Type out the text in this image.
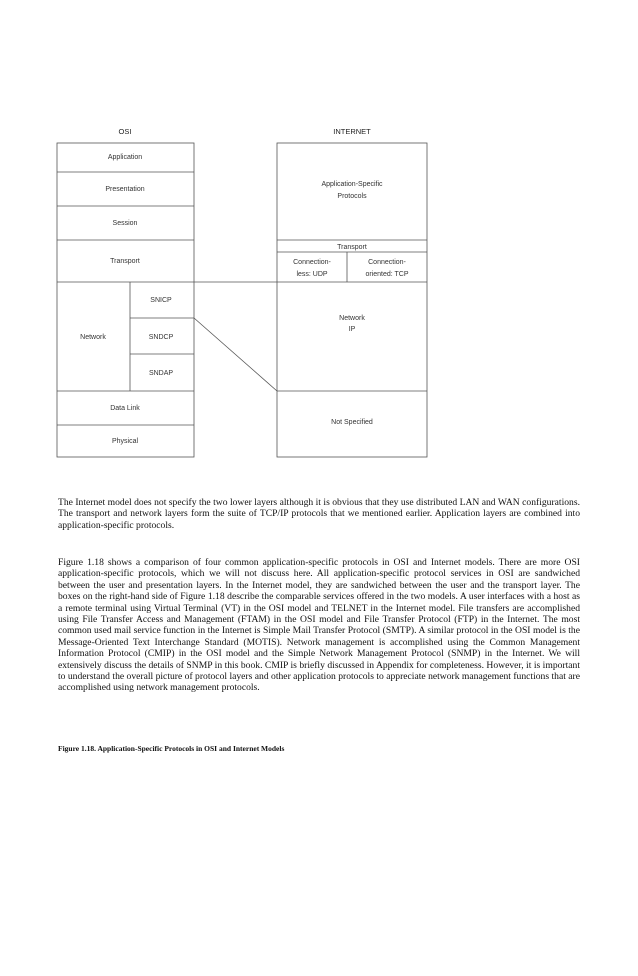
OSI	INTERNET
Application
Presentation
Session
Transport
Network
SNICP
SNDCP
SNDAP
Data Link
Physical
Application-Specific
Protocols
Transport
Connection-
less: UDP
Connection-
oriented: TCP
Network
IP
Not Specified

The Internet model does not specify the two lower layers although it is obvious that they use distributed LAN and WAN configurations. The transport and network layers form the suite of TCP/IP protocols that we mentioned earlier. Application layers are combined into application-specific protocols.

Figure 1.18 shows a comparison of four common application-specific protocols in OSI and Internet models. There are more OSI application-specific protocols, which we will not discuss here. All application-specific protocol services in OSI are sandwiched between the user and presentation layers. In the Internet model, they are sandwiched between the user and the transport layer. The boxes on the right-hand side of Figure 1.18 describe the comparable services offered in the two models. A user interfaces with a host as a remote terminal using Virtual Terminal (VT) in the OSI model and TELNET in the Internet model. File transfers are accomplished using File Transfer Access and Management (FTAM) in the OSI model and File Transfer Protocol (FTP) in the Internet. The most common used mail service function in the Internet is Simple Mail Transfer Protocol (SMTP). A similar protocol in the OSI model is the Message-Oriented Text Interchange Standard (MOTIS). Network management is accomplished using the Common Management Information Protocol (CMIP) in the OSI model and the Simple Network Management Protocol (SNMP) in the Internet. We will extensively discuss the details of SNMP in this book. CMIP is briefly discussed in Appendix for completeness. However, it is important to understand the overall picture of protocol layers and other application protocols to appreciate network management functions that are accomplished using network management protocols.

Figure 1.18. Application-Specific Protocols in OSI and Internet Models
